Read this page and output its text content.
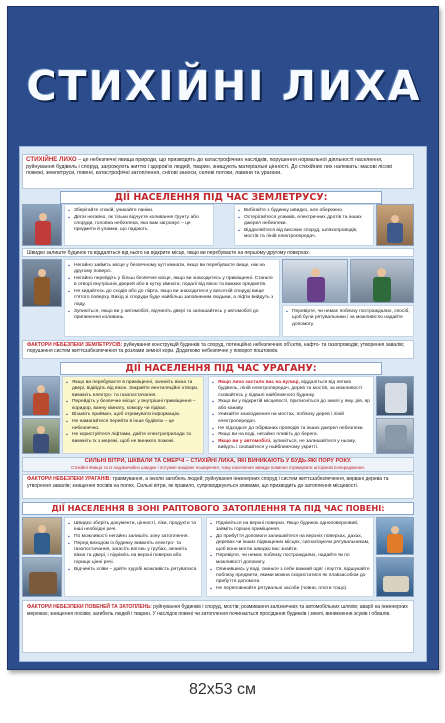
СТИХІЙНІ ЛИХА
СТИХІЙНЕ ЛИХО – це небезпечні явища природи, що призводять до катастрофічних наслідків, порушення нормальної діяльності населення, руйнування будівель і споруд, загрожують життю і здоров'ю людей, тварин, знищують матеріальні цінності. До стихійних лих належать: масові лісові пожежі, землетруси, повені, катастрофічні затоплення, снігові заноси, селеві потоки, лавини та урагани.
ДІЇ НАСЕЛЕННЯ ПІД ЧАС ЗЕМЛЕТРУСУ:
▪ Зберігайте спокій, уникайте паніки.
▪ Діяти негайно, як тільки відчуєте коливання ґрунту або споруди, головна небезпека, яка вам загрожує – це предмети й уламки, що падають.
▪ Вибігайте з будинку швидко, але обережно.
▪ Остерігайтеся уламків, електричних дротів та інших джерел небезпеки.
▪ Віддаляйтеся від високих споруд, шляхопроводів, мостів та ліній електропередач.
Швидко залиште будинок та віддаліться від нього на відкрите місце, якщо ви перебуваєте на першому-другому поверхах.
▪ Негайно займіть місце у безпечному куті кімнати, якщо ви перебуваєте вище, ніж на другому поверсі.
▪ Негайно перейдіть у більш безпечне місце, якщо ви знаходитесь у приміщенні. Станьте в отворі внутрішніх дверей або в кутку кімнати, подалі від вікон та важких предметів.
▪ Не кидайтесь до сходів або до ліфта, якщо ви знаходитеся у висотній споруді вище п'ятого поверху. Вихід зі споруди буде найбільш заповненим людьми, а ліфти вийдуть з ладу.
▪ Зупиніться, якщо ви у автомобілі, відчиніть двері та залишайтесь у автомобілі до припинення коливань.
▪ Перевірте, чи немає поблизу постраждалих, спосіб, щоб були рятувальники і за можливістю надайте допомогу.
ФАКТОРИ НЕБЕЗПЕКИ ЗЕМЛЕТРУСІВ: руйнування конструкцій будинків та споруд, потенційно небезпечних об'єктів, нафто- та газопроводів; утворення завалів; порушення систем життєзабезпечення та розлами земної кори. Додатково небезпечне у поворот поштовхів.
ДІЇ НАСЕЛЕННЯ ПІД ЧАС УРАГАНУ:
▪ Якщо ви перебуваєте в приміщенні, зачиніть вікна та двері, відійдіть від вікон. Закрийте вентиляційні отвори, вимкніть електро- та газопостачання.
▪ Перейдіть у безпечне місце: у внутрішні приміщення – коридор, ванну кімнату, комору чи підвал.
▪ Візьміть приймач, щоб отримувати інформацію.
▪ Не намагайтеся перейти в інше будівлю – це небезпечно.
▪ Не користуйтеся ліфтами, дайте електроприлади та вимкніть їх з мережі, щоб не виникло пожежі.
▪ Якщо лихо застало вас на вулиці, віддаліться від легких будівель, ліній електропередач, дерев та мостів, за можливості сховайтесь у підвалі найближчого будинку.
▪ Якщо ви у відкритій місцевості, притисніться до землі у яму, рів, яр або канаву.
▪ Уникайте знаходження на мостах, поблизу дерев і ліній електропередач.
▪ Не підходьте до обірваних проводів та інших джерел небезпеки.
▪ Якщо ви на воді, негайно пливіть до берега.
▪ Якщо ви у автомобілі, зупиніться, не залишайтеся у ньому, вийдіть і сховайтеся у найближчому укритті.
СИЛЬНІ ВІТРИ, ШКВАЛИ ТА СМЕРЧІ – СТИХІЙНІ ЛИХА, ЯКІ ВИНИКАЮТЬ У БУДЬ-ЯКІ ПОРУ РОКУ.
Стихійні явища та їх надзвичайно швидке і потужне нищівне поширення, тому населення завжди повинно отримувати штормові попередження.
ФАКТОРИ НЕБЕЗПЕКИ УРАГАНІВ: травмування, а інколи загибель людей; руйнування інженерних споруд і систем життєзабезпечення, вирвані дерева та утворення завалів; знищення посівів на полях. Сильні вітри, як правило, супроводжуються зливами, що призводить до затоплення місцевості.
ДІЇ НАСЕЛЕННЯ В ЗОНІ РАПТОВОГО ЗАТОПЛЕННЯ ТА ПІД ЧАС ПОВЕНІ:
▪ Швидко зберіть документи, цінності, ліки, продукти та інші необхідні речі.
▪ По можливості негайно залишіть зону затоплення.
▪ Перед виходом із будинку вимкніть електро- та газопостачання, загасіть вогонь у грубах, зачиніть вікна та двері, і підніміть на верхні поверхи або горище цінні речі.
▪ Відчиніть хліви – дайте худобі можливість рятуватися.
▪ Підніміться на верхні поверхи. Якщо будинок одноповерховий, займіть горішні приміщення.
▪ До прибуття допомоги залишайтеся на верхніх поверхах, дахах, деревах чи інших підвищених місцях, сигналізуючи рятувальникам, щоб вони могли швидко вас знайти.
▪ Перевірте, чи немає поблизу постраждалих, надайте їм по можливості допомогу.
▪ Опинившись у воді, скиньте з себе важкий одяг і взуття, відшукайте поблизу предмети, якими можна скористатися як плавзасобом до прибуття допомоги.
▪ Не переповнюйте рятувальні засоби (човни, плоти тощо).
ФАКТОРИ НЕБЕЗПЕКИ ПОВЕНЕЙ ТА ЗАТОПЛЕНЬ: руйнування будинків і споруд, мостів; розмивання залізничних та автомобільних шляхів; аварії на інженерних мережах; знищення посівів; загибель людей і тварин. У наслідок повені чи затоплення починається просідання будинків і землі, виникнення зсувів і обвалів.
82х53 см
